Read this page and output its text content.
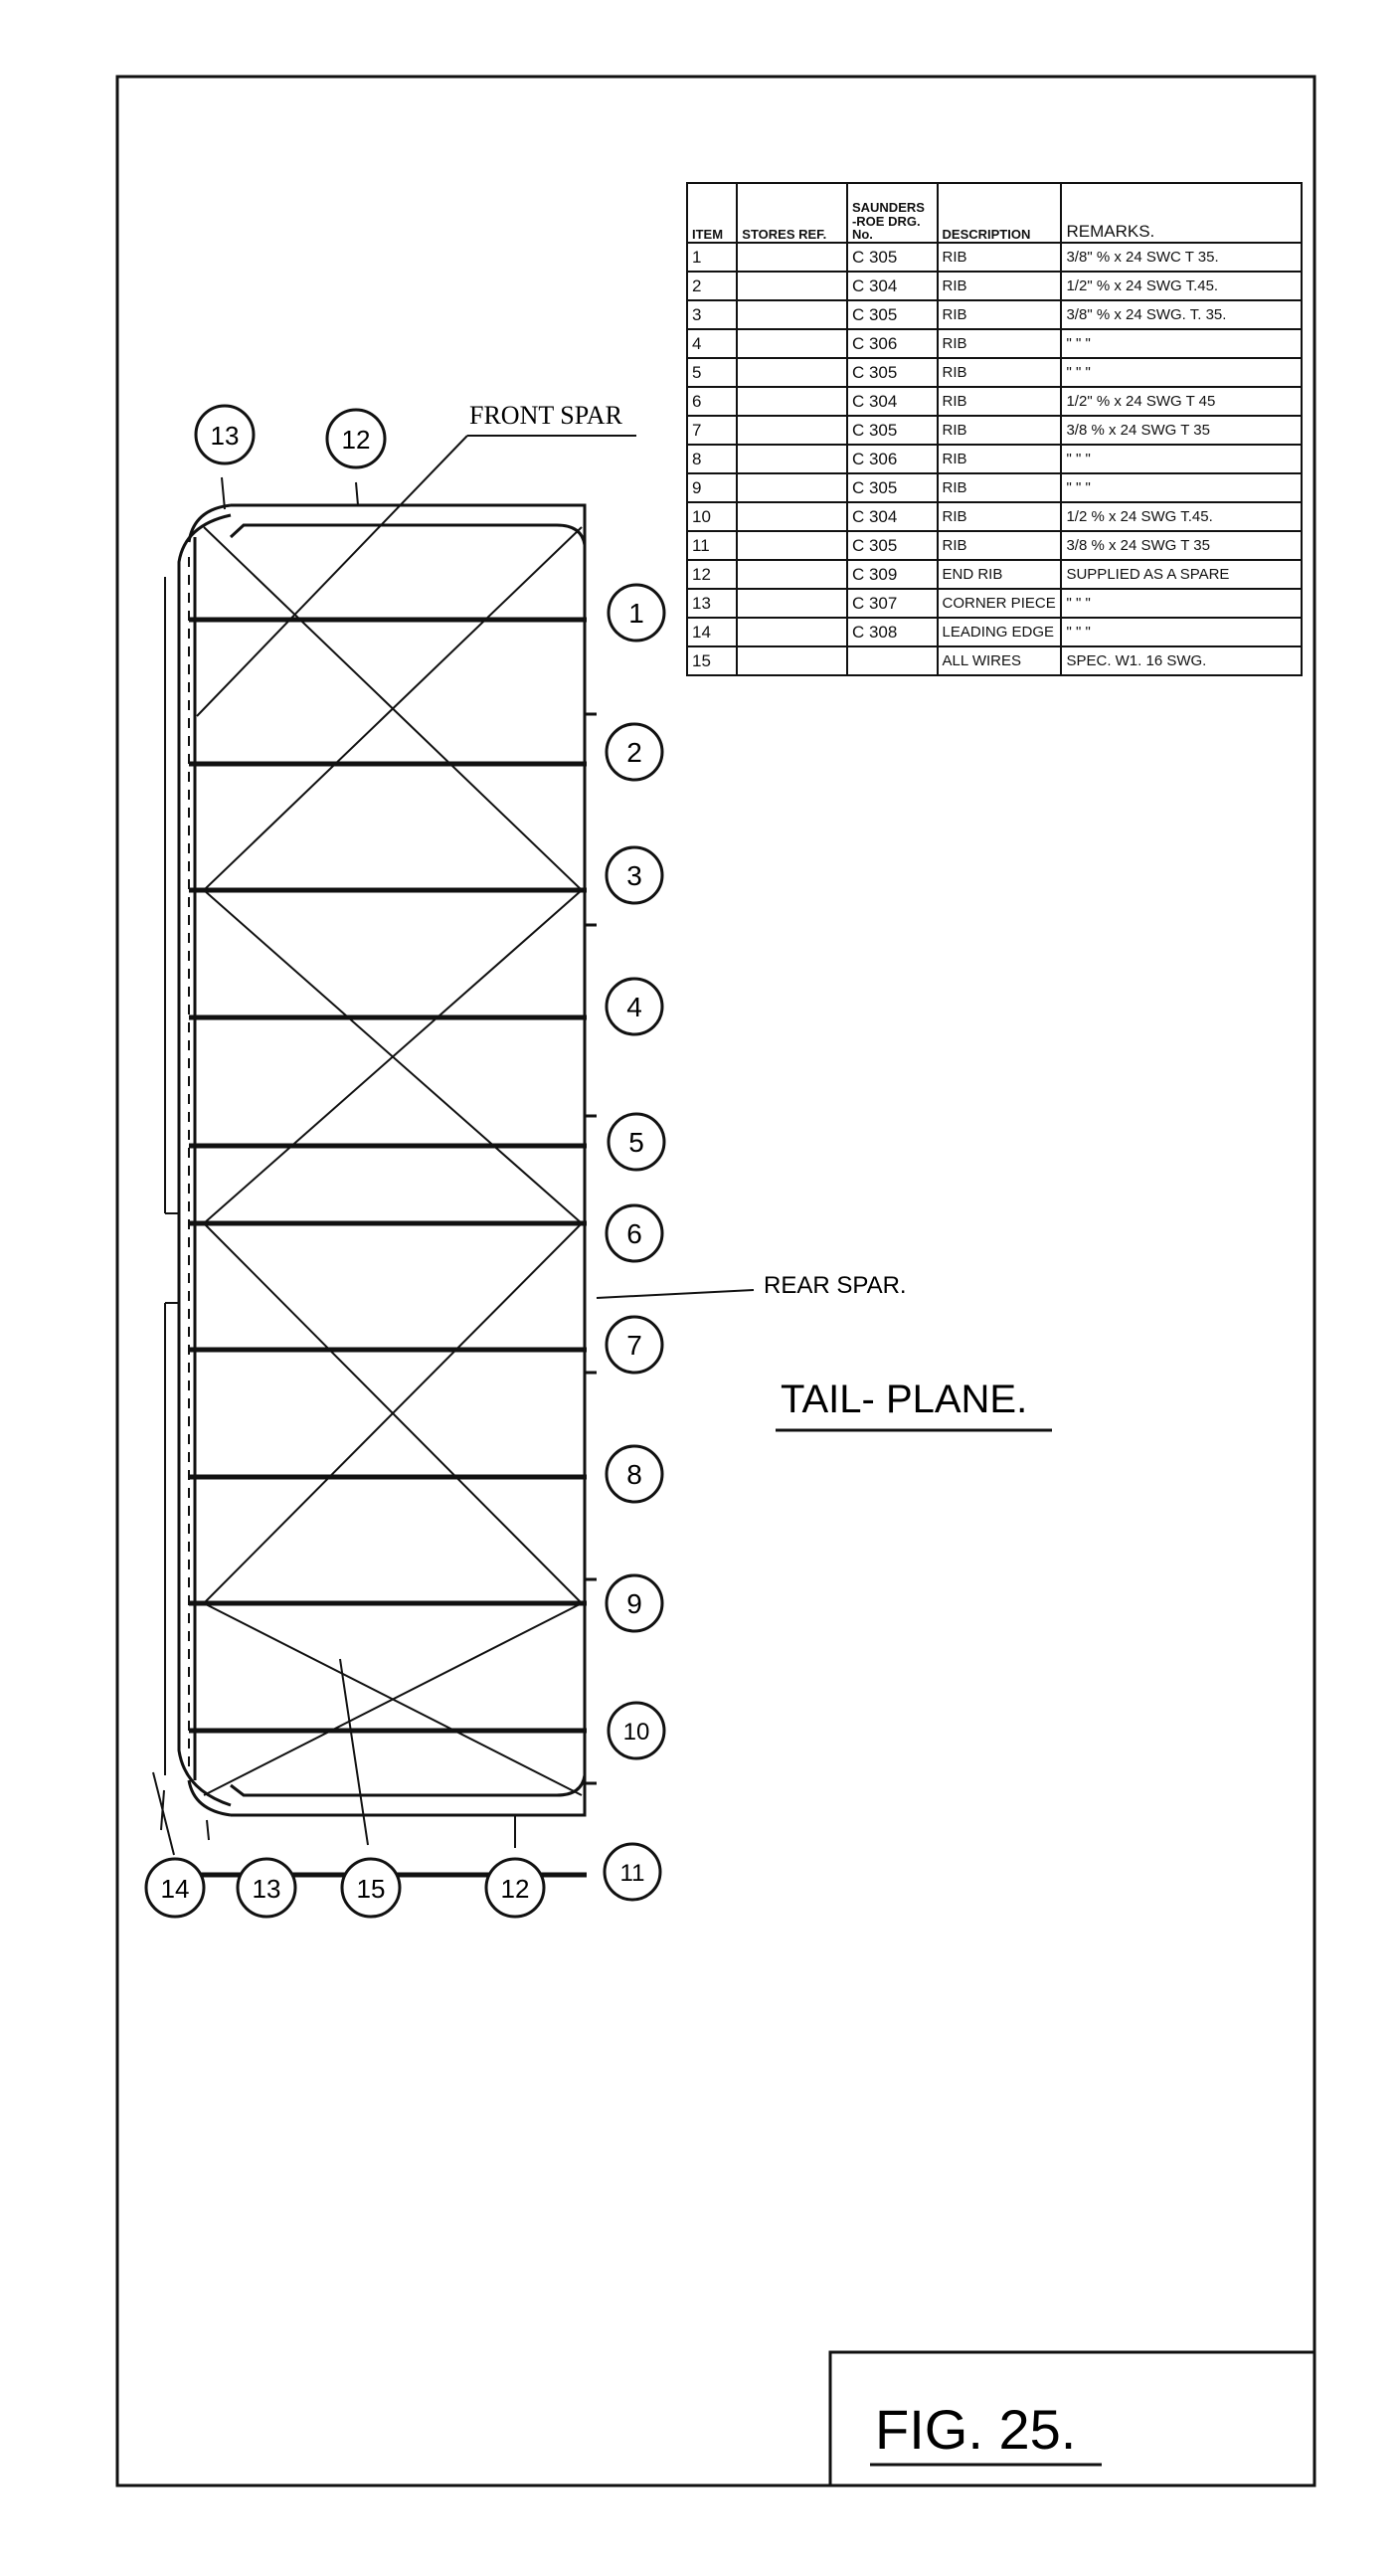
13	12
1
2
3
4
5
6
7
8
9
10
11
14 13	15	12
FRONT SPAR
REAR SPAR.
TAIL- PLANE.
FIG. 25.
ITEM	STORES REF.	SAUNDERS -ROE DRG. No.	DESCRIPTION	REMARKS.
1		C 305	RIB	3/8" % x 24 SWC T 35.
2		C 304	RIB	1/2" % x 24 SWG T.45.
3		C 305	RIB	3/8" % x 24 SWG. T. 35.
4		C 306	RIB	" " "
5		C 305	RIB	" " "
6		C 304	RIB	1/2" % x 24 SWG T 45
7		C 305	RIB	3/8 % x 24 SWG T 35
8		C 306	RIB	" " "
9		C 305	RIB	" " "
10		C 304	RIB	1/2 % x 24 SWG T.45.
11		C 305	RIB	3/8 % x 24 SWG T 35
12		C 309	END RIB	SUPPLIED AS A SPARE
13		C 307	CORNER PIECE	" " "
14		C 308	LEADING EDGE	" " "
15			ALL WIRES	SPEC. W1. 16 SWG.
